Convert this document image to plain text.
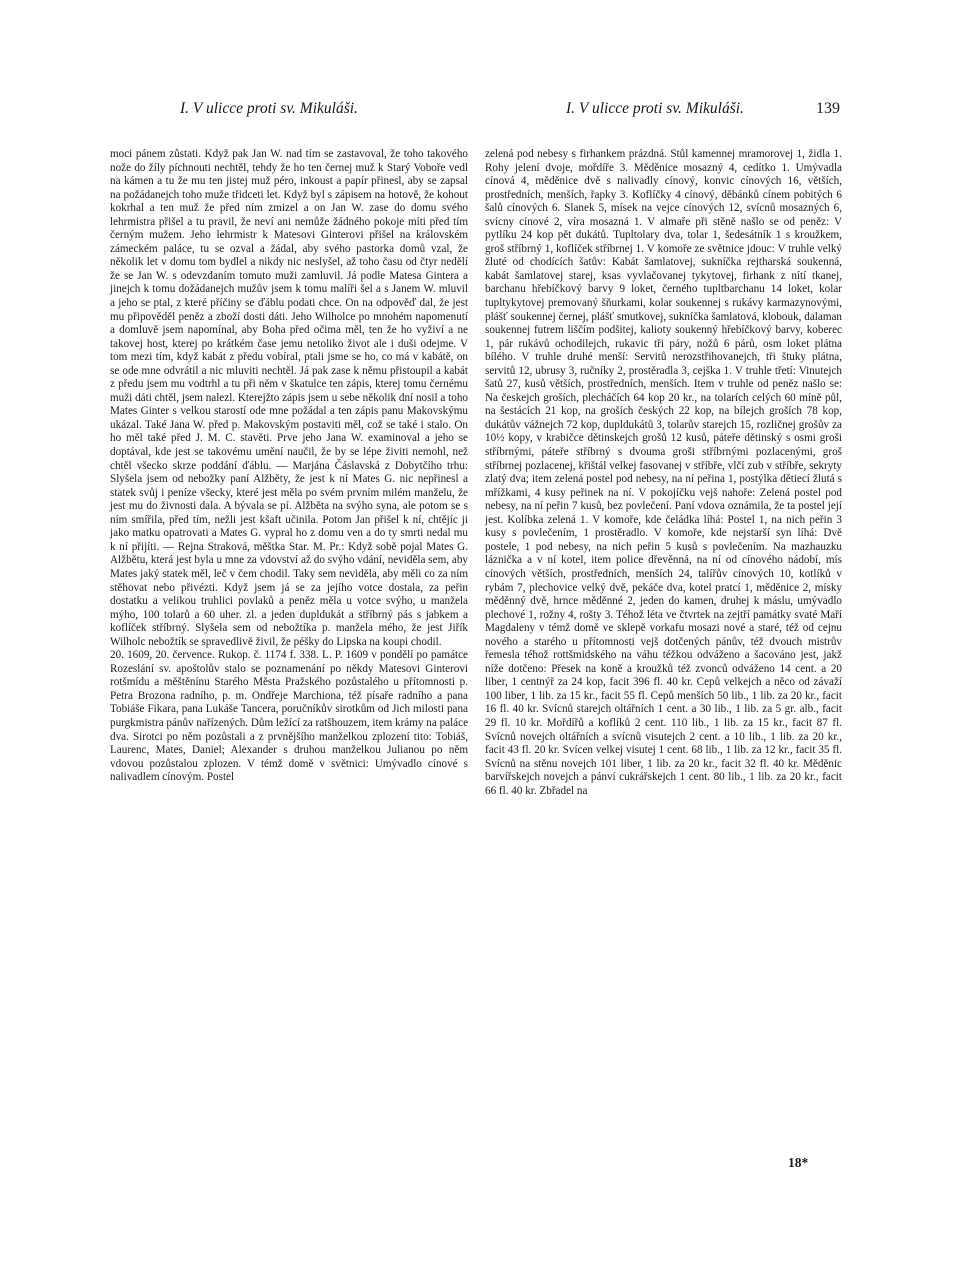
I. V ulicce proti sv. Mikuláši.	I. V ulicce proti sv. Mikuláši.	139

moci pánem zůstati. Když pak Jan W. nad tím se zastavoval, že toho takového nože do žíly píchnouti nechtěl, tehdy že ho ten černej muž k Starý Voboře vedl na kámen a tu že mu ten jistej muž péro, inkoust a papír přinesl, aby se zapsal na požádanejch toho muže třidceti let. Když byl s zápisem na hotově, že kohout kokrhal a ten muž že před ním zmizel a on Jan W. zase do domu svého lehrmistra přišel a tu pravil, že neví ani nemůže žádného pokoje míti před tím černým mužem. Jeho lehrmistr k Matesovi Ginterovi přišel na královském zámeckém paláce, tu se ozval a žádal, aby svého pastorka domů vzal, že několik let v domu tom bydlel a nikdy nic neslyšel, až toho času od čtyr nedělí že se Jan W. s odevzdaním tomuto muži zamluvil. Já podle Matesa Gintera a jinejch k tomu dožádanejch mužův jsem k tomu malíři šel a s Janem W. mluvil a jeho se ptal, z které příčiny se ďáblu podati chce. On na odpověď dal, že jest mu připověděl peněz a zboží dosti dáti. Jeho Wilholce po mnohém napomenutí a domluvě jsem napomínal, aby Boha před očima měl, ten že ho vyživí a ne takovej host, kterej po krátkém čase jemu netoliko život ale i duši odejme. V tom mezi tím, když kabát z předu vobíral, ptali jsme se ho, co má v kabátě, on se ode mne odvrátil a nic mluviti nechtěl. Já pak zase k němu přistoupil a kabát z předu jsem mu vodtrhl a tu při něm v škatulce ten zápis, kterej tomu černému muži dáti chtěl, jsem nalezl. Kterejžto zápis jsem u sebe několik dní nosil a toho Mates Ginter s velkou starostí ode mne požádal a ten zápis panu Makovskýmu ukázal. Také Jana W. před p. Makovským postaviti měl, což se také i stalo. On ho měl také před J. M. C. stavěti. Prve jeho Jana W. examinoval a jeho se doptával, kde jest se takovému umění naučil, že by se lépe živiti nemohl, než chtěl všecko skrze poddání ďáblu. — Marjána Čáslavská z Dobytčího trhu: Slyšela jsem od nebožky paní Alžběty, že jest k ní Mates G. nic nepřinesl a statek svůj i peníze všecky, které jest měla po svém prvním milém manželu, že jest mu do živnosti dala. A bývala se pí. Alžběta na svýho syna, ale potom se s ním smířila, před tím, nežli jest kšaft učinila. Potom Jan přišel k ní, chtějíc ji jako matku opatrovati a Mates G. vypral ho z domu ven a do ty smrti nedal mu k ní přijíti. — Rejna Straková, měštka Star. M. Pr.: Když sobě pojal Mates G. Alžbětu, která jest byla u mne za vdovství až do svýho vdání, neviděla sem, aby Mates jaký statek měl, leč v čem chodil. Taky sem neviděla, aby měli co za ním stěhovat nebo přivézti. Když jsem já se za jejího votce dostala, za peřin dostatku a velikou truhlici povlaků a peněz měla u votce svýho, u manžela mýho, 100 tolarů a 60 uher. zl. a jeden dupldukát a stříbrný pás s jabkem a koflíček stříbrný. Slyšela sem od nebožtíka p. manžela mého, že jest Jiřík Wilholc nebožtík se spravedlivě živil, že péšky do Lipska na koupi chodil.

20. 1609, 20. července. Rukop. č. 1174 f. 338. L. P. 1609 v pondělí po památce Rozeslání sv. apoštolův stalo se poznamenání po někdy Matesovi Ginterovi rotšmídu a měštěnínu Starého Města Pražského pozůstalého u přítomnosti p. Petra Brozona radního, p. m. Ondřeje Marchiona, též písaře radního a pana Tobiáše Fikara, pana Lukáše Tancera, poručníkův sirotkům od Jich milosti pana purgkmistra pánův nařízených. Dům ležící za ratšhouzem, item krámy na paláce dva. Sirotci po něm pozůstali a z prvnějšího manželkou zplození tito: Tobiáš, Laurenc, Mates, Daniel; Alexander s druhou manželkou Julianou po něm vdovou pozůstalou zplozen. V témž domě v světnici: Umývadlo cínové s nalivadlem cínovým. Postel

zelená pod nebesy s firhankem prázdná. Stůl kamennej mramorovej 1, židla 1. Rohy jelení dvoje, mořdíře 3. Měděnice mosazný 4, cedítko 1. Umývadla cínová 4, měděnice dvě s nalivadly cínový, konvic cínových 16, větších, prostředních, menších, řapky 3. Koflíčky 4 cínový, děbánků cínem pobitých 6 šalů cínových 6. Slanek 5, mísek na vejce cínových 12, svícnů mosazných 6, svícny cínové 2, víra mosazná 1. V almaře při stěně našlo se od peněz: V pytlíku 24 kop pět dukátů. Tupltolary dva, tolar 1, šedesátník 1 s kroužkem, groš stříbrný 1, koflíček stříbrnej 1. V komoře ze světnice jdouc: V truhle velký žluté od chodících šatův: Kabát šamlatovej, sukníčka rejtharská soukenná, kabát šamlatovej starej, ksas vyvlačovanej tykytovej, firhank z nítí tkanej, barchanu hřebíčkový barvy 9 loket, černého tupltbarchanu 14 loket, kolar tupltykytovej premovaný šňurkami, kolar soukennej s rukávy karmazynovými, plášť soukennej černej, plášť smutkovej, sukníčka šamlatová, klobouk, dalaman soukennej futrem liščím podšitej, kalioty soukenný hřebíčkový barvy, koberec 1, pár rukávů ochodilejch, rukavic tři páry, nožů 6 párů, osm loket plátna bílého. V truhle druhé menší: Servitů nerozstřihovanejch, tři štuky plátna, servitů 12, ubrusy 3, ručníky 2, prostěradla 3, cejška 1. V truhle třetí: Vinutejch šatů 27, kusů větších, prostředních, menších. Item v truhle od peněz našlo se: Na českejch groších, plecháčích 64 kop 20 kr., na tolarích celých 60 míně půl, na šestácích 21 kop, na groších českých 22 kop, na bílejch groších 78 kop, dukátův vážnejch 72 kop, dupldukátů 3, tolarův starejch 15, rozličnej grošův za 10½ kopy, v krabičce dětinskejch grošů 12 kusů, páteře dětinský s osmi groši stříbrnými, páteře stříbrný s dvouma groši stříbrnými pozlacenými, groš stříbrnej pozlacenej, křištál velkej fasovanej v stříbře, vlčí zub v stříbře, sekryty zlatý dva; item zelená postel pod nebesy, na ní peřina 1, postýlka dětiecí žlutá s mřížkami, 4 kusy peřinek na ní. V pokojíčku vejš nahoře: Zelená postel pod nebesy, na ní peřin 7 kusů, bez povlečení. Paní vdova oznámila, že ta postel její jest. Kolíbka zelená 1. V komoře, kde čeládka líhá: Postel 1, na nich peřin 3 kusy s povlečením, 1 prostěradlo. V komoře, kde nejstarší syn líhá: Dvě postele, 1 pod nebesy, na nich peřin 5 kusů s povlečením. Na mazhauzku láznička a v ní kotel, item police dřevěnná, na ní od cínového nádobí, mís cínových větších, prostředních, menších 24, talířův cínových 10, kotlíků v rybám 7, plechovice velký dvě, pekáče dva, kotel pratcí 1, měděnice 2, mísky měděnný dvě, hrnce měděnné 2, jeden do kamen, druhej k máslu, umývadlo plechové 1, rožny 4, rošty 3. Téhož léta ve čtvrtek na zejtří památky svaté Maří Magdaleny v témž domě ve sklepě vorkafu mosazi nové a staré, též od cejnu nového a starého u přítomnosti vejš dotčených pánův, též dvouch mistrův řemesla téhož rottšmidského na váhu téžkou odváženo a šacováno jest, jakž níže dotčeno: Přesek na koně a kroužků též zvonců odváženo 14 cent. a 20 liber, 1 centnýř za 24 kop, facit 396 fl. 40 kr. Cepů velkejch a něco od závaží 100 liber, 1 lib. za 15 kr., facit 55 fl. Cepů menších 50 lib., 1 lib. za 20 kr., facit 16 fl. 40 kr. Svícnů starejch oltářních 1 cent. a 30 lib., 1 lib. za 5 gr. alb., facit 29 fl. 10 kr. Mořdířů a koflíků 2 cent. 110 lib., 1 lib. za 15 kr., facit 87 fl. Svícnů novejch oltářních a svícnů visutejch 2 cent. a 10 lib., 1 lib. za 20 kr., facit 43 fl. 20 kr. Svícen velkej visutej 1 cent. 68 lib., 1 lib. za 12 kr., facit 35 fl. Svícnů na stěnu novejch 101 liber, 1 lib. za 20 kr., facit 32 fl. 40 kr. Měděnic barvířskejch novejch a pánví cukrářskejch 1 cent. 80 lib., 1 lib. za 20 kr., facit 66 fl. 40 kr. Zbřadel na

18*
